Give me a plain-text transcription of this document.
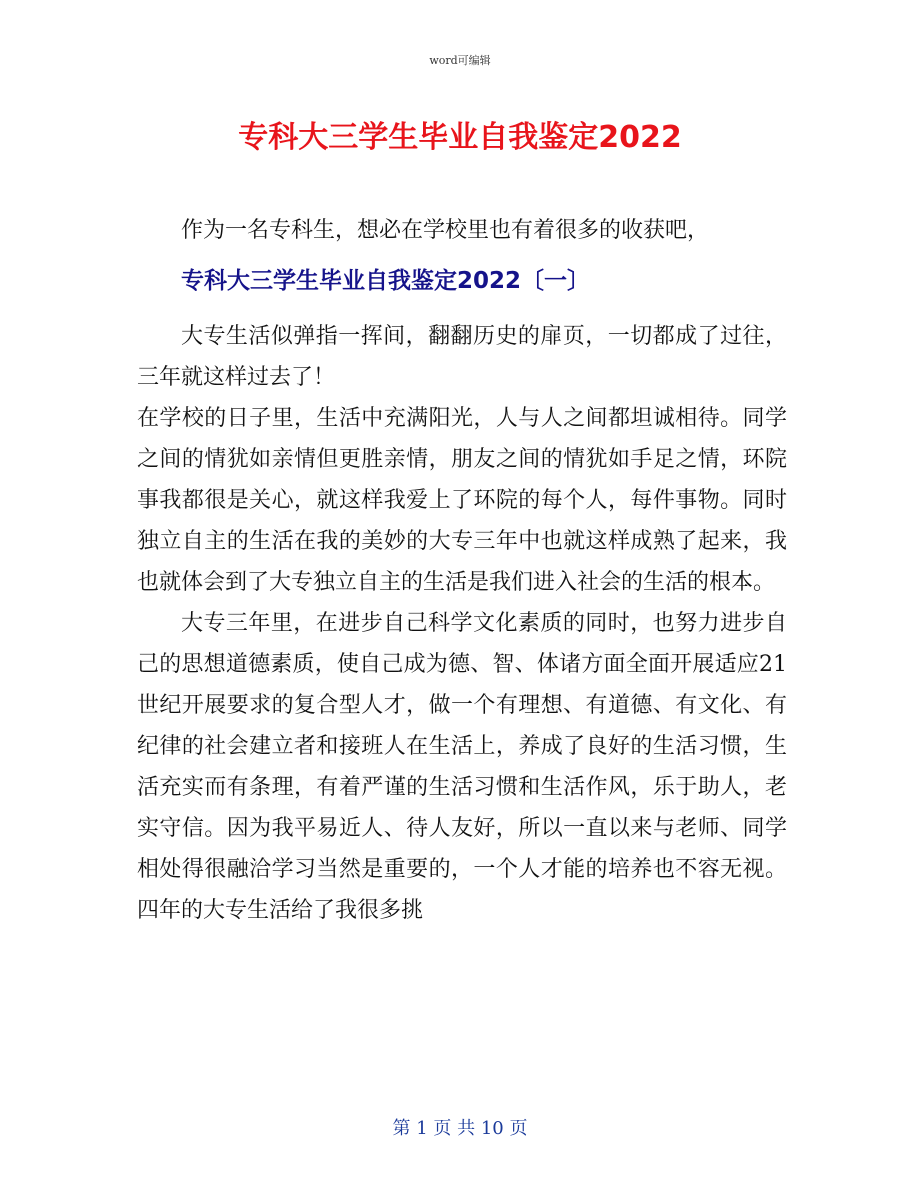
word可编辑
专科大三学生毕业自我鉴定2022

作为一名专科生，想必在学校里也有着很多的收获吧，

专科大三学生毕业自我鉴定2022〔一〕

大专生活似弹指一挥间，翻翻历史的扉页，一切都成了过往，三年就这样过去了！

在学校的日子里，生活中充满阳光，人与人之间都坦诚相待。同学之间的情犹如亲情但更胜亲情，朋友之间的情犹如手足之情，环院事我都很是关心，就这样我爱上了环院的每个人，每件事物。同时独立自主的生活在我的美妙的大专三年中也就这样成熟了起来，我也就体会到了大专独立自主的生活是我们进入社会的生活的根本。

大专三年里，在进步自己科学文化素质的同时，也努力进步自己的思想道德素质，使自己成为德、智、体诸方面全面开展适应21世纪开展要求的复合型人才，做一个有理想、有道德、有文化、有纪律的社会建立者和接班人在生活上，养成了良好的生活习惯，生活充实而有条理，有着严谨的生活习惯和生活作风，乐于助人，老实守信。因为我平易近人、待人友好，所以一直以来与老师、同学相处得很融洽学习当然是重要的，一个人才能的培养也不容无视。四年的大专生活给了我很多挑

第 1 页 共 10 页
